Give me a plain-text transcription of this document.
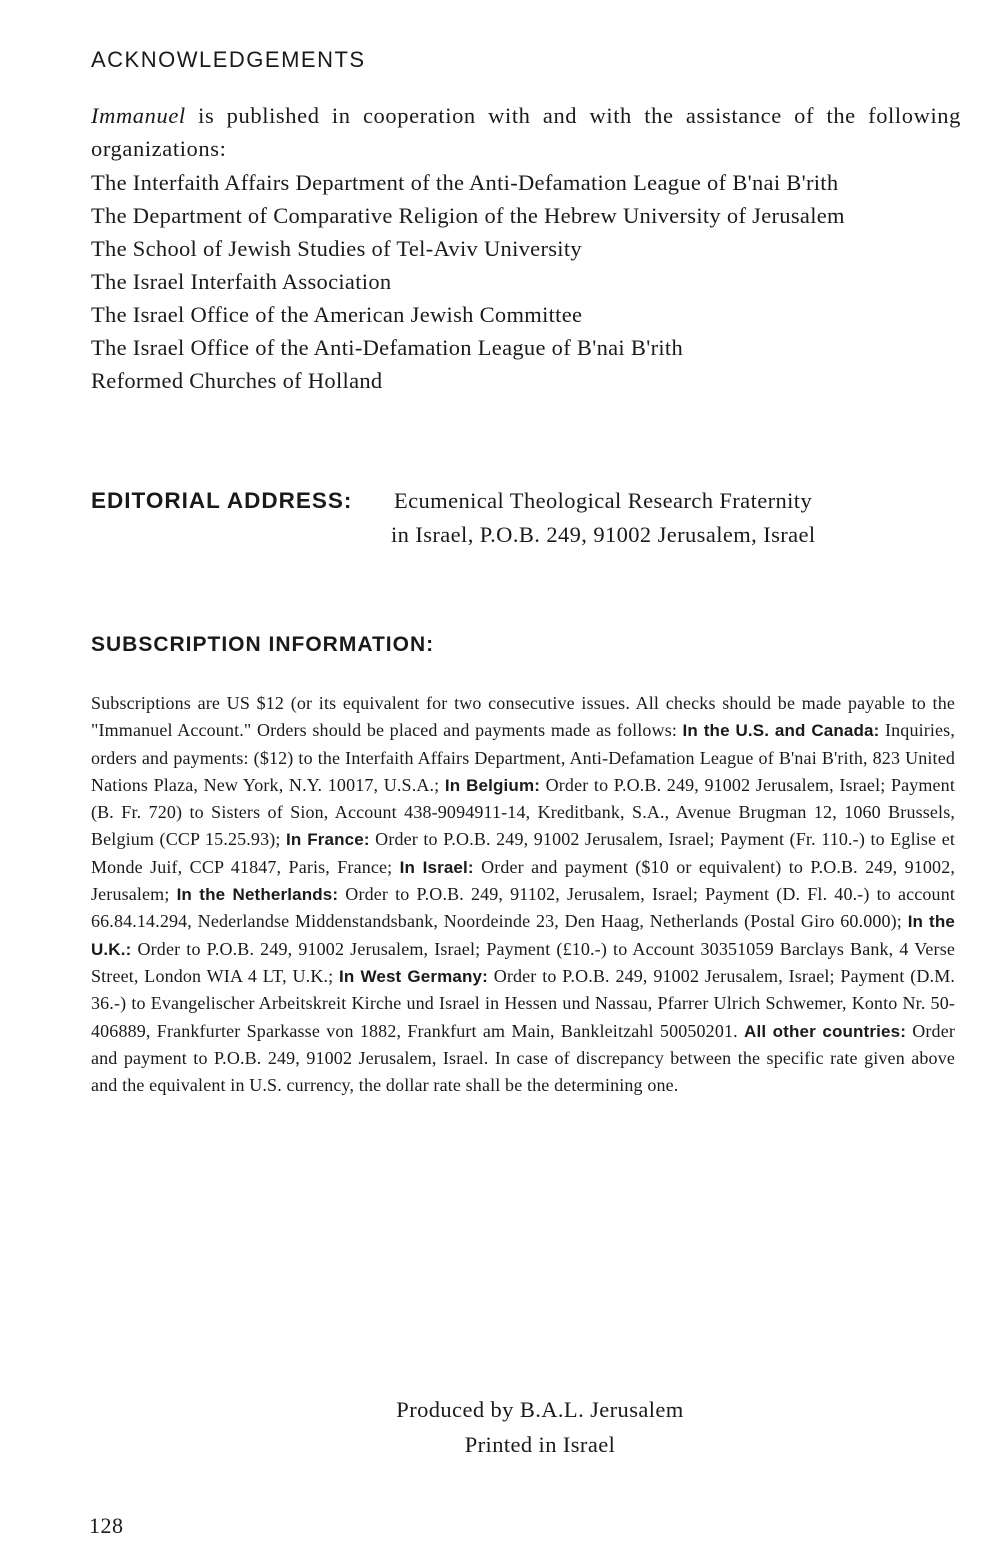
ACKNOWLEDGEMENTS
Immanuel is published in cooperation with and with the assistance of the following organizations:
The Interfaith Affairs Department of the Anti-Defamation League of B'nai B'rith
The Department of Comparative Religion of the Hebrew University of Jerusalem
The School of Jewish Studies of Tel-Aviv University
The Israel Interfaith Association
The Israel Office of the American Jewish Committee
The Israel Office of the Anti-Defamation League of B'nai B'rith
Reformed Churches of Holland
EDITORIAL ADDRESS: Ecumenical Theological Research Fraternity
in Israel, P.O.B. 249, 91002 Jerusalem, Israel
SUBSCRIPTION INFORMATION:
Subscriptions are US $12 (or its equivalent for two consecutive issues. All checks should be made payable to the "Immanuel Account." Orders should be placed and payments made as follows: In the U.S. and Canada: Inquiries, orders and payments: ($12) to the Interfaith Affairs Department, Anti-Defamation League of B'nai B'rith, 823 United Nations Plaza, New York, N.Y. 10017, U.S.A.; In Belgium: Order to P.O.B. 249, 91002 Jerusalem, Israel; Payment (B. Fr. 720) to Sisters of Sion, Account 438-9094911-14, Kreditbank, S.A., Avenue Brugman 12, 1060 Brussels, Belgium (CCP 15.25.93); In France: Order to P.O.B. 249, 91002 Jerusalem, Israel; Payment (Fr. 110.-) to Eglise et Monde Juif, CCP 41847, Paris, France; In Israel: Order and payment ($10 or equivalent) to P.O.B. 249, 91002, Jerusalem; In the Netherlands: Order to P.O.B. 249, 91102, Jerusalem, Israel; Payment (D. Fl. 40.-) to account 66.84.14.294, Nederlandse Middenstandsbank, Noordeinde 23, Den Haag, Netherlands (Postal Giro 60.000); In the U.K.: Order to P.O.B. 249, 91002 Jerusalem, Israel; Payment (£10.-) to Account 30351059 Barclays Bank, 4 Verse Street, London WIA 4 LT, U.K.; In West Germany: Order to P.O.B. 249, 91002 Jerusalem, Israel; Payment (D.M. 36.-) to Evangelischer Arbeitskreit Kirche und Israel in Hessen und Nassau, Pfarrer Ulrich Schwemer, Konto Nr. 50-406889, Frankfurter Sparkasse von 1882, Frankfurt am Main, Bankleitzahl 50050201. All other countries: Order and payment to P.O.B. 249, 91002 Jerusalem, Israel. In case of discrepancy between the specific rate given above and the equivalent in U.S. currency, the dollar rate shall be the determining one.
Produced by B.A.L. Jerusalem
Printed in Israel
128
